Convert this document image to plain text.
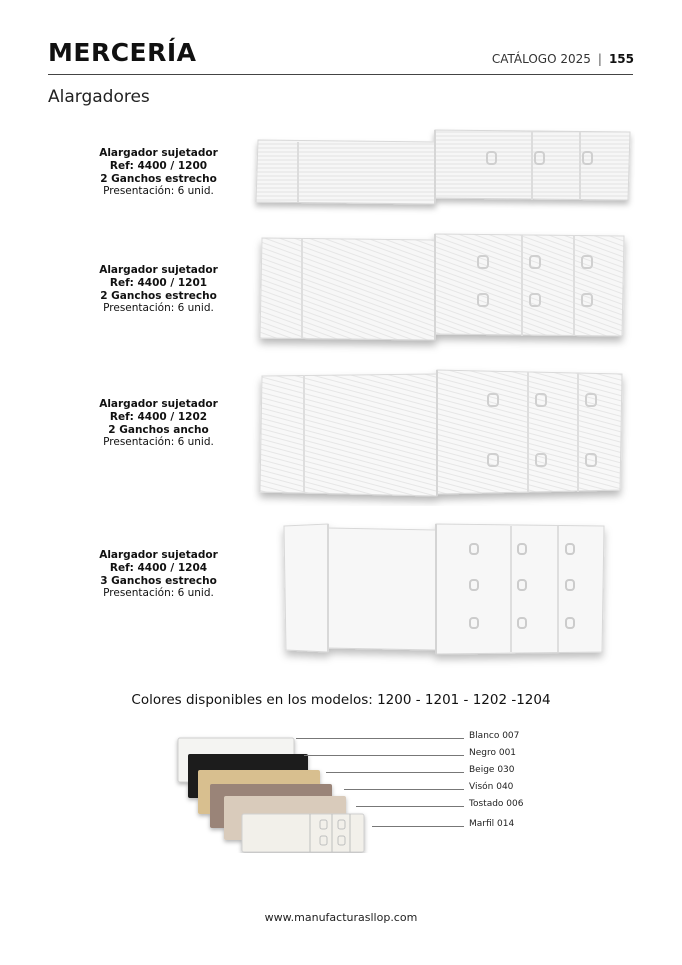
MERCERÍA	CATÁLOGO 2025 | 155
Alargadores
Alargador sujetador
Ref: 4400 / 1200
2 Ganchos estrecho
Presentación: 6 unid.
Alargador sujetador
Ref: 4400 / 1201
2 Ganchos estrecho
Presentación: 6 unid.
Alargador sujetador
Ref: 4400 / 1202
2 Ganchos ancho
Presentación: 6 unid.
Alargador sujetador
Ref: 4400 / 1204
3 Ganchos estrecho
Presentación: 6 unid.
Colores disponibles en los modelos: 1200 - 1201 - 1202 -1204
Blanco 007
Negro 001
Beige 030
Visón 040
Tostado 006
Marfil 014
www.manufacturasllop.com
